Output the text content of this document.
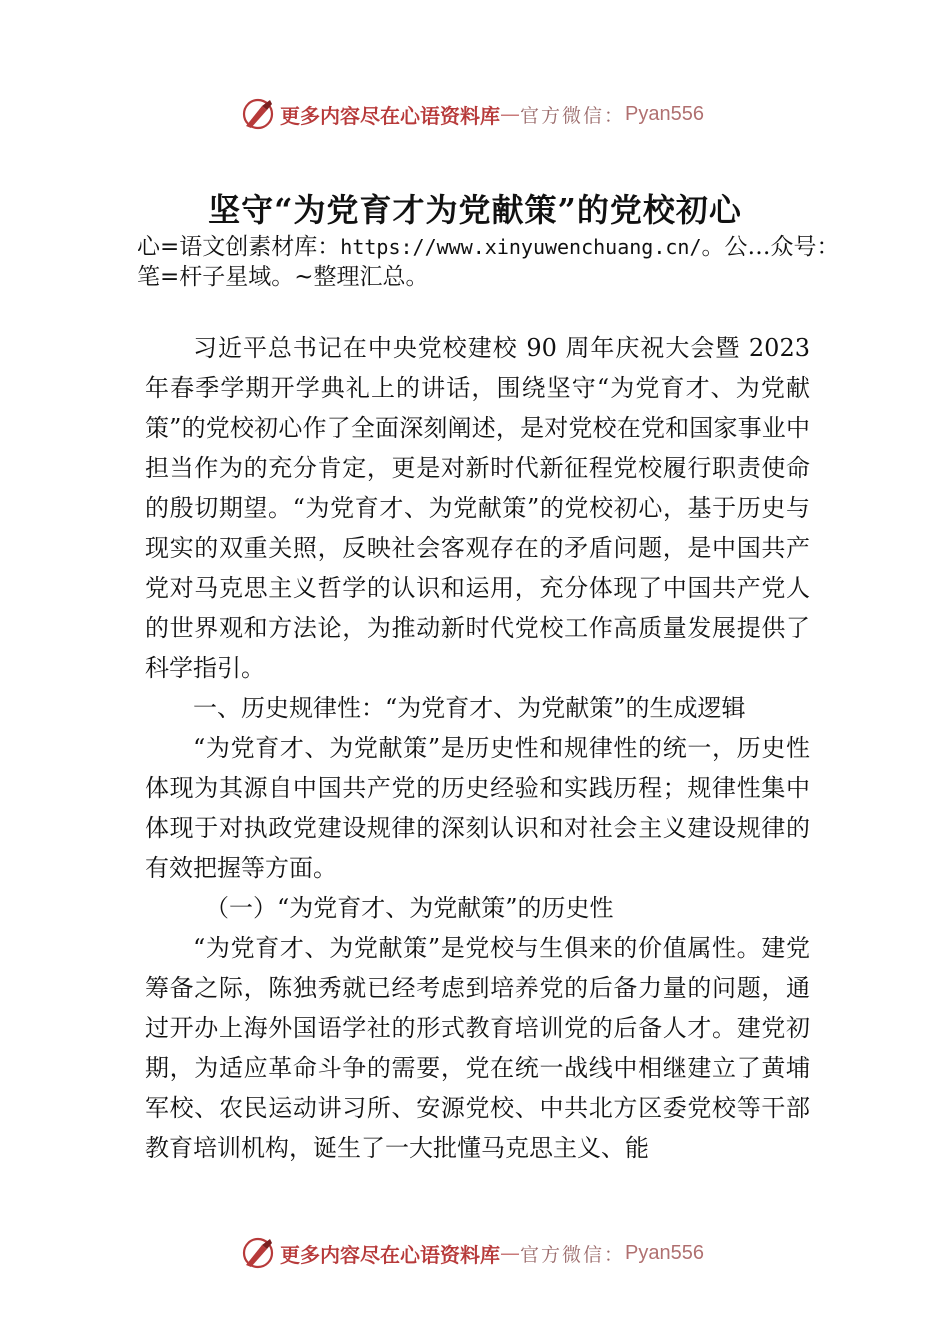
更多内容尽在心语资料库 — 官方微信： Pyan556
坚守“为党育才为党献策”的党校初心

心=语文创素材库：https://www.xinyuwenchuang.cn/。公…众号：笔=杆子星域。~整理汇总。

习近平总书记在中央党校建校 90 周年庆祝大会暨 2023 年春季学期开学典礼上的讲话，围绕坚守“为党育才、为党献策”的党校初心作了全面深刻阐述，是对党校在党和国家事业中担当作为的充分肯定，更是对新时代新征程党校履行职责使命的殷切期望。“为党育才、为党献策”的党校初心，基于历史与现实的双重关照，反映社会客观存在的矛盾问题，是中国共产党对马克思主义哲学的认识和运用，充分体现了中国共产党人的世界观和方法论，为推动新时代党校工作高质量发展提供了科学指引。

一、历史规律性：“为党育才、为党献策”的生成逻辑

“为党育才、为党献策”是历史性和规律性的统一，历史性体现为其源自中国共产党的历史经验和实践历程；规律性集中体现于对执政党建设规律的深刻认识和对社会主义建设规律的有效把握等方面。

（一）“为党育才、为党献策”的历史性

“为党育才、为党献策”是党校与生俱来的价值属性。建党筹备之际，陈独秀就已经考虑到培养党的后备力量的问题，通过开办上海外国语学社的形式教育培训党的后备人才。建党初期，为适应革命斗争的需要，党在统一战线中相继建立了黄埔军校、农民运动讲习所、安源党校、中共北方区委党校等干部教育培训机构，诞生了一大批懂马克思主义、能

更多内容尽在心语资料库 — 官方微信： Pyan556
